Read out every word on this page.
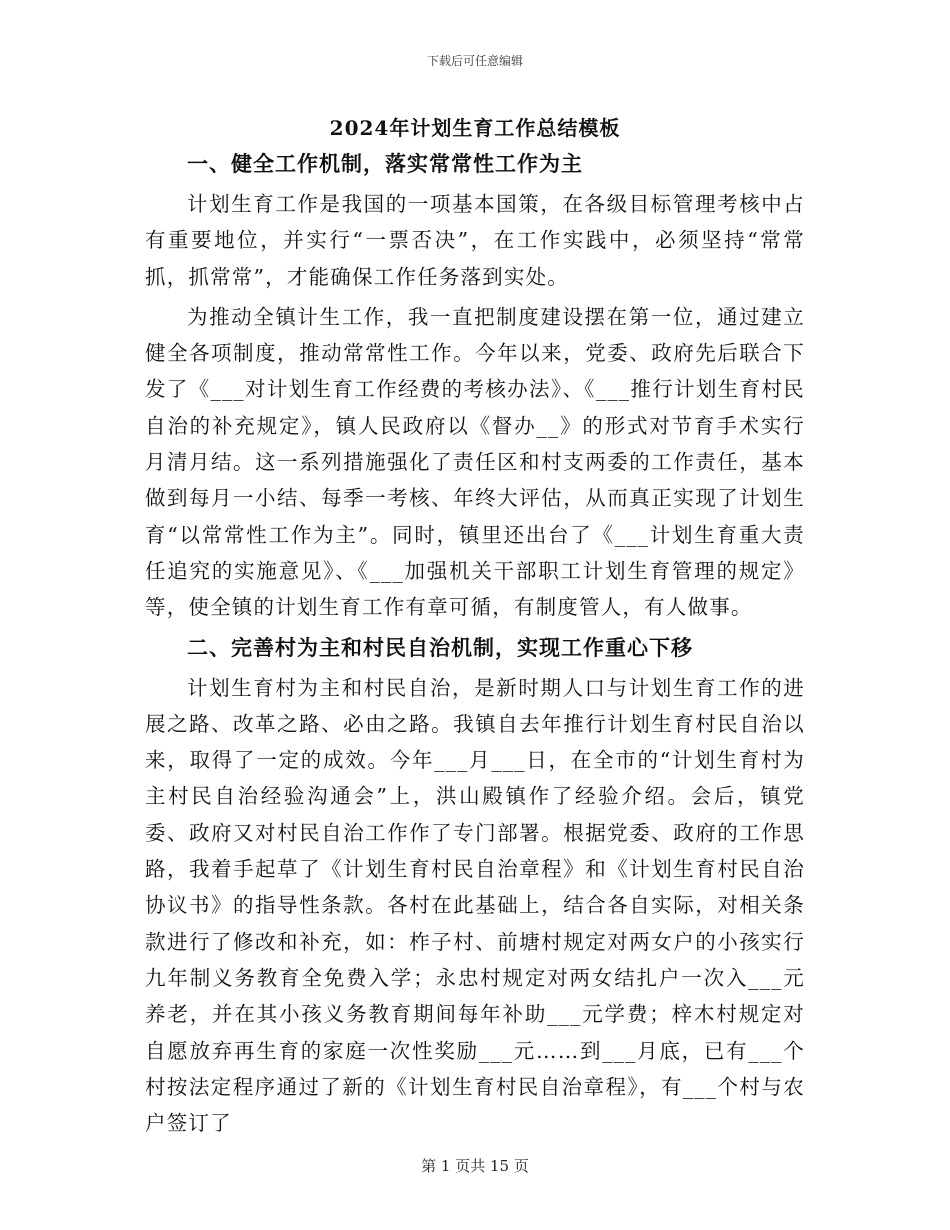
下载后可任意编辑
2024年计划生育工作总结模板
一、健全工作机制，落实常常性工作为主

计划生育工作是我国的一项基本国策，在各级目标管理考核中占有重要地位，并实行“一票否决”，在工作实践中，必须坚持“常常抓，抓常常”，才能确保工作任务落到实处。

为推动全镇计生工作，我一直把制度建设摆在第一位，通过建立健全各项制度，推动常常性工作。今年以来，党委、政府先后联合下发了《___对计划生育工作经费的考核办法》、《___推行计划生育村民自治的补充规定》，镇人民政府以《督办__》的形式对节育手术实行月清月结。这一系列措施强化了责任区和村支两委的工作责任，基本做到每月一小结、每季一考核、年终大评估，从而真正实现了计划生育“以常常性工作为主”。同时，镇里还出台了《___计划生育重大责任追究的实施意见》、《___加强机关干部职工计划生育管理的规定》等，使全镇的计划生育工作有章可循，有制度管人，有人做事。

二、完善村为主和村民自治机制，实现工作重心下移

计划生育村为主和村民自治，是新时期人口与计划生育工作的进展之路、改革之路、必由之路。我镇自去年推行计划生育村民自治以来，取得了一定的成效。今年___月___日，在全市的“计划生育村为主村民自治经验沟通会”上，洪山殿镇作了经验介绍。会后，镇党委、政府又对村民自治工作作了专门部署。根据党委、政府的工作思路，我着手起草了《计划生育村民自治章程》和《计划生育村民自治协议书》的指导性条款。各村在此基础上，结合各自实际，对相关条款进行了修改和补充，如：柞子村、前塘村规定对两女户的小孩实行九年制义务教育全免费入学；永忠村规定对两女结扎户一次入___元养老，并在其小孩义务教育期间每年补助___元学费；梓木村规定对自愿放弃再生育的家庭一次性奖励___元……到___月底，已有___个村按法定程序通过了新的《计划生育村民自治章程》，有___个村与农户签订了

第 1 页共 15 页
